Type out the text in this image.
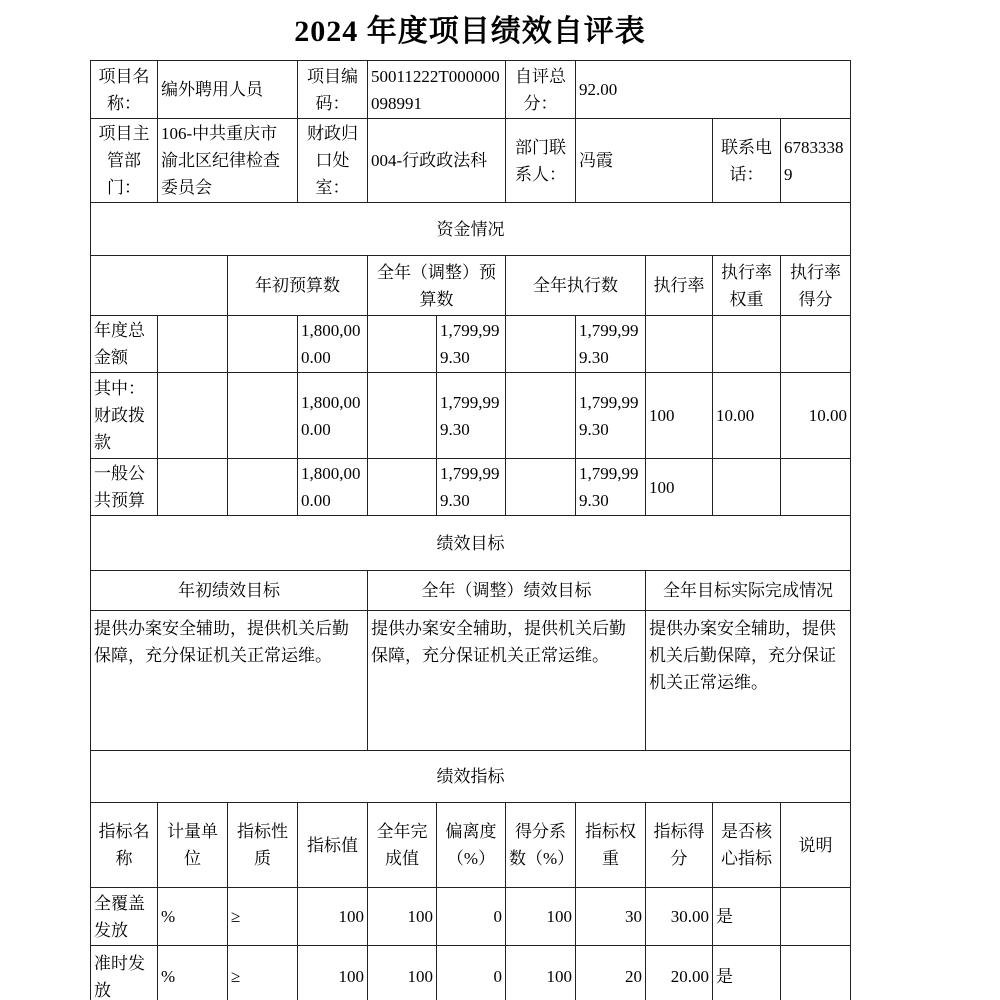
2024 年度项目绩效自评表
项目名称：	编外聘用人员		项目编码：	50011222T000000098991		自评总分：	92.00			
项目主管部门：	106-中共重庆市渝北区纪律检查委员会		财政归口处室：	004-行政政法科		部门联系人：	冯霞		联系电话：	67833389
资金情况										
		年初预算数		全年（调整）预算数		全年执行数		执行率	执行率权重	执行率得分
年度总金额			1,800,000.00		1,799,999.30		1,799,999.30			
其中：财政拨款			1,800,000.00		1,799,999.30		1,799,999.30	100	10.00	10.00
一般公共预算			1,800,000.00		1,799,999.30		1,799,999.30	100		
绩效目标										
年初绩效目标				全年（调整）绩效目标				全年目标实际完成情况		
提供办案安全辅助，提供机关后勤保障，充分保证机关正常运维。				提供办案安全辅助，提供机关后勤保障，充分保证机关正常运维。				提供办案安全辅助，提供机关后勤保障，充分保证机关正常运维。		
绩效指标										
指标名称	计量单位	指标性质	指标值	全年完成值	偏离度（%）	得分系数（%）	指标权重	指标得分	是否核心指标	说明
全覆盖发放	%	≥	100	100	0	100	30	30.00	是	
准时发放	%	≥	100	100	0	100	20	20.00	是	
